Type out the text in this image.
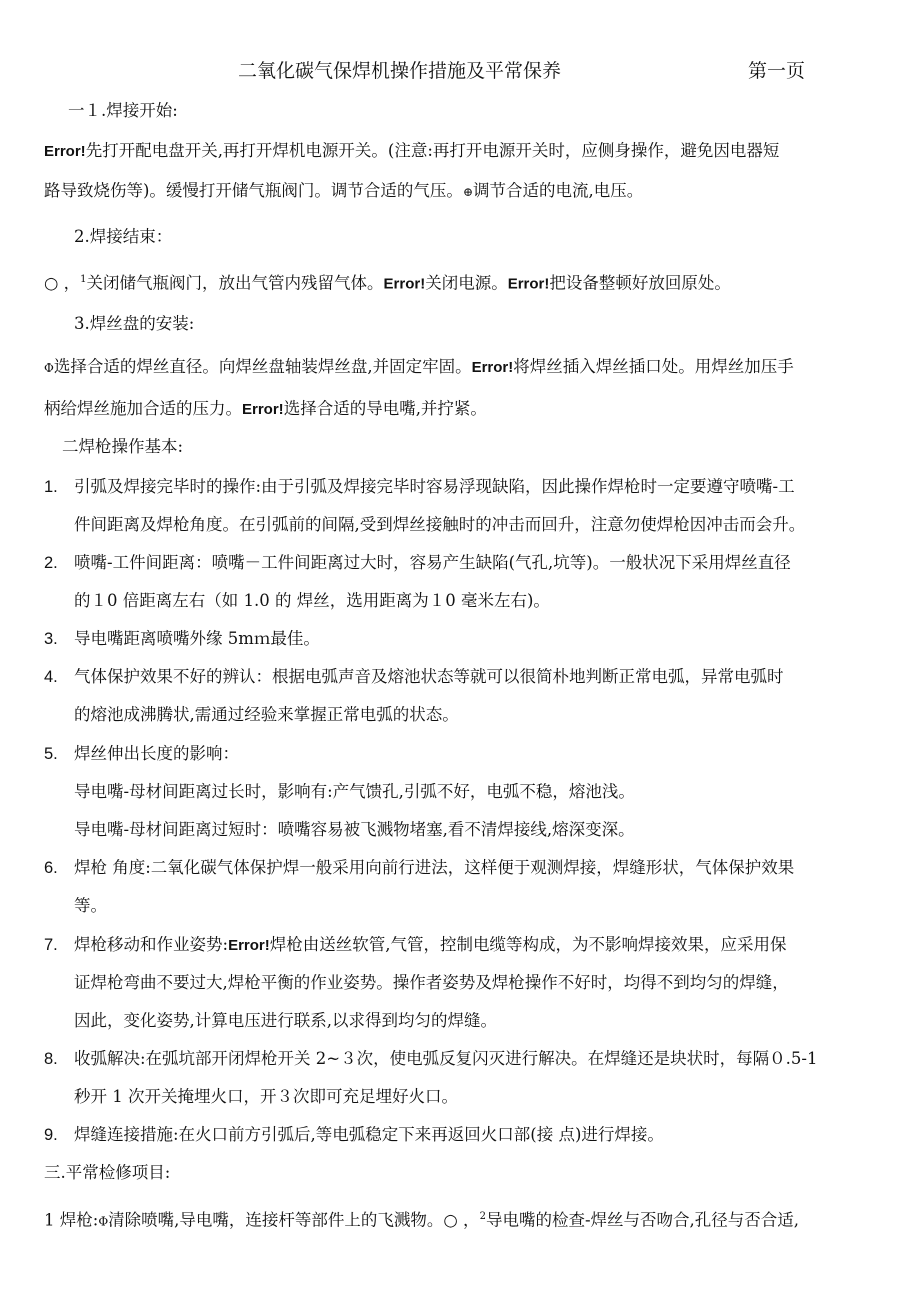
二氧化碳气保焊机操作措施及平常保养	第一页
一１.焊接开始:
Error!先打开配电盘开关,再打开焊机电源开关。(注意:再打开电源开关时，应侧身操作，避免因电器短
路导致烧伤等)。缓慢打开储气瓶阀门。调节合适的气压。⊕调节合适的电流,电压。
2.焊接结束：
○ ，$^1$关闭储气瓶阀门，放出气管内残留气体。Error!关闭电源。Error!把设备整顿好放回原处。
3.焊丝盘的安装:
Φ选择合适的焊丝直径。向焊丝盘轴装焊丝盘,并固定牢固。Error!将焊丝插入焊丝插口处。用焊丝加压手
柄给焊丝施加合适的压力。Error!选择合适的导电嘴,并拧紧。
二焊枪操作基本:
1. 引弧及焊接完毕时的操作:由于引弧及焊接完毕时容易浮现缺陷，因此操作焊枪时一定要遵守喷嘴-工
件间距离及焊枪角度。在引弧前的间隔,受到焊丝接触时的冲击而回升，注意勿使焊枪因冲击而会升。
2. 喷嘴-工件间距离：喷嘴－工件间距离过大时，容易产生缺陷(气孔,坑等)。一般状况下采用焊丝直径
的１0 倍距离左右（如 1.0 的 焊丝，选用距离为１0 毫米左右)。
3. 导电嘴距离喷嘴外缘 5mｍ最佳。
4. 气体保护效果不好的辨认：根据电弧声音及熔池状态等就可以很简朴地判断正常电弧，异常电弧时
的熔池成沸腾状,需通过经验来掌握正常电弧的状态。
5. 焊丝伸出长度的影响：
导电嘴-母材间距离过长时，影响有:产气馈孔,引弧不好，电弧不稳，熔池浅。
导电嘴-母材间距离过短时：喷嘴容易被飞溅物堵塞,看不清焊接线,熔深变深。
6. 焊枪 角度:二氧化碳气体保护焊一般采用向前行进法，这样便于观测焊接，焊缝形状，气体保护效果
等。
7. 焊枪移动和作业姿势:Error!焊枪由送丝软管,气管，控制电缆等构成，为不影响焊接效果，应采用保
证焊枪弯曲不要过大,焊枪平衡的作业姿势。操作者姿势及焊枪操作不好时，均得不到均匀的焊缝，
因此，变化姿势,计算电压进行联系,以求得到均匀的焊缝。
8. 收弧解决:在弧坑部开闭焊枪开关 2~３次，使电弧反复闪灭进行解决。在焊缝还是块状时，每隔０.5-1
秒开 1 次开关掩埋火口，开３次即可充足埋好火口。
9. 焊缝连接措施:在火口前方引弧后,等电弧稳定下来再返回火口部(接 点)进行焊接。
三.平常检修项目:
1 焊枪:Φ清除喷嘴,导电嘴，连接杆等部件上的飞溅物。○ ，$^2$导电嘴的检查-焊丝与否吻合,孔径与否合适,
